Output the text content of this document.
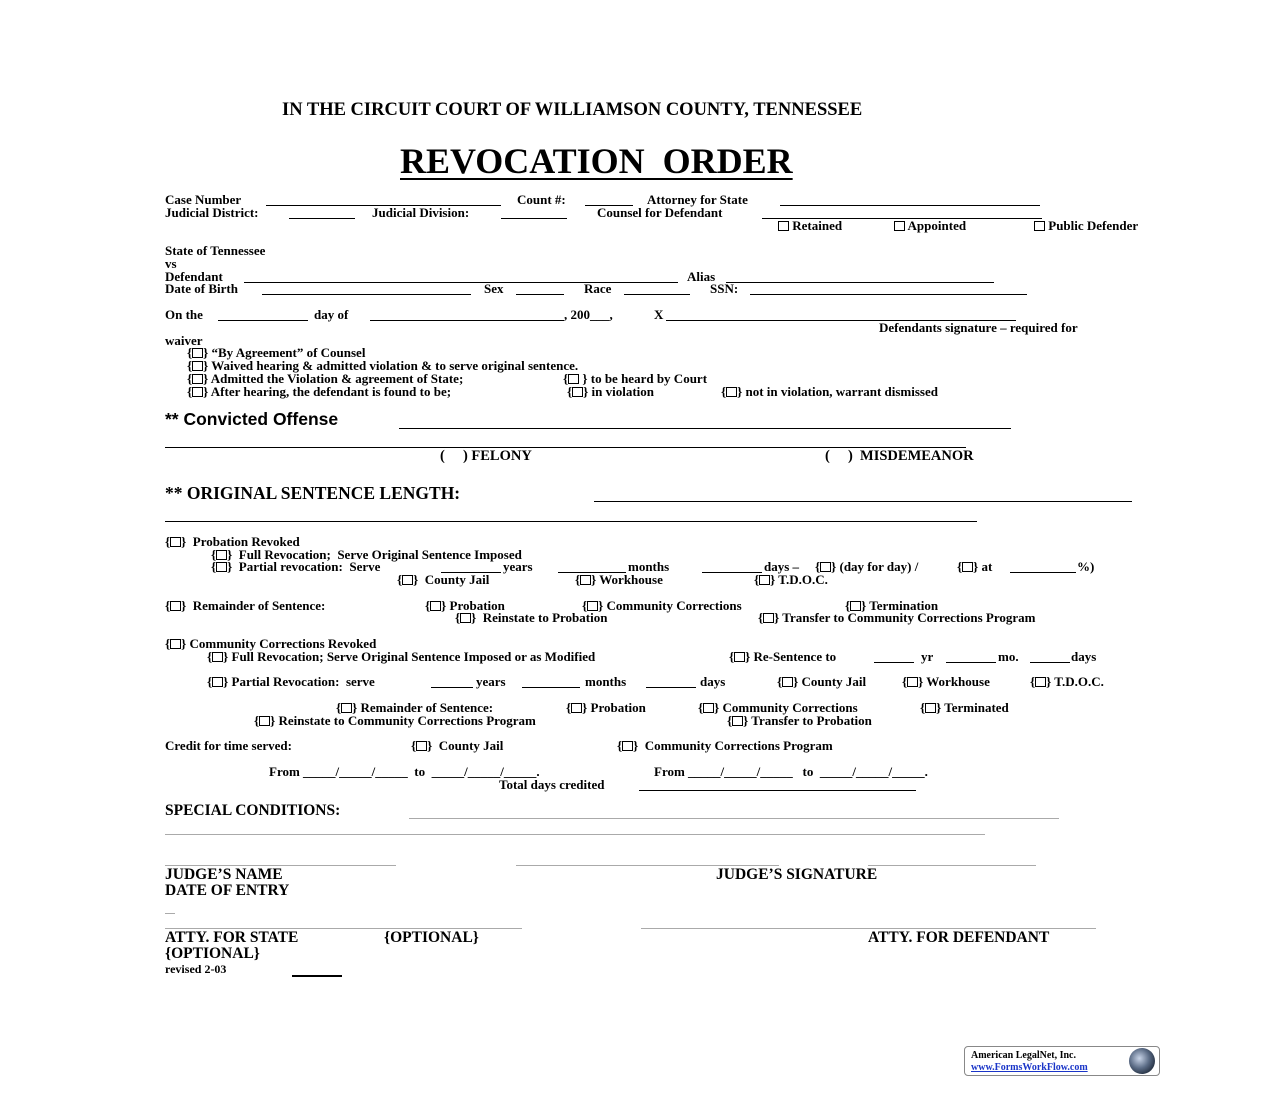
IN THE CIRCUIT COURT OF WILLIAMSON COUNTY, TENNESSEE
REVOCATION  ORDER
Case Number	Count #:	Attorney for State
Judicial District:	Judicial Division:	Counsel for Defendant
Retained	Appointed	Public Defender
State of Tennessee
vs
Defendant	Alias
Date of Birth	Sex	Race	SSN:
On the	day of	, 200___,	X
Defendants signature – required for
waiver
{ } “By Agreement” of Counsel
{ } Waived hearing & admitted violation & to serve original sentence.
{ } Admitted the Violation & agreement of State;	{ } to be heard by Court
{ } After hearing, the defendant is found to be;	{ } in violation	{ } not in violation, warrant dismissed
** Convicted Offense
(     ) FELONY	(     )  MISDEMEANOR
** ORIGINAL SENTENCE LENGTH:
{ }  Probation Revoked
{ }  Full Revocation;  Serve Original Sentence Imposed
{ }  Partial revocation:  Serve	years	months	days – { } (day for day) /	{ } at	%)
{ }  County Jail	{ } Workhouse	{ } T.D.O.C.
{ }  Remainder of Sentence:	{ } Probation	{ } Community Corrections	{ } Termination
{ }  Reinstate to Probation	{ } Transfer to Community Corrections Program
{ } Community Corrections Revoked
{ } Full Revocation; Serve Original Sentence Imposed or as Modified	{ } Re-Sentence to	yr	mo.	days
{ } Partial Revocation:  serve	years	months	days	{ } County Jail	{ } Workhouse	{ } T.D.O.C.
{ } Remainder of Sentence:	{ } Probation	{ } Community Corrections	{ } Terminated
{ } Reinstate to Community Corrections Program	{ } Transfer to Probation
Credit for time served:	{ }  County Jail	{ }  Community Corrections Program
From _____/_____/_____  to  _____/_____/_____.	From _____/_____/_____   to  _____/_____/_____.
Total days credited
SPECIAL CONDITIONS:
JUDGE’S NAME	JUDGE’S SIGNATURE
DATE OF ENTRY
ATTY. FOR STATE	{OPTIONAL}	ATTY. FOR DEFENDANT
{OPTIONAL}
revised 2-03
American LegalNet, Inc.
www.FormsWorkFlow.com
